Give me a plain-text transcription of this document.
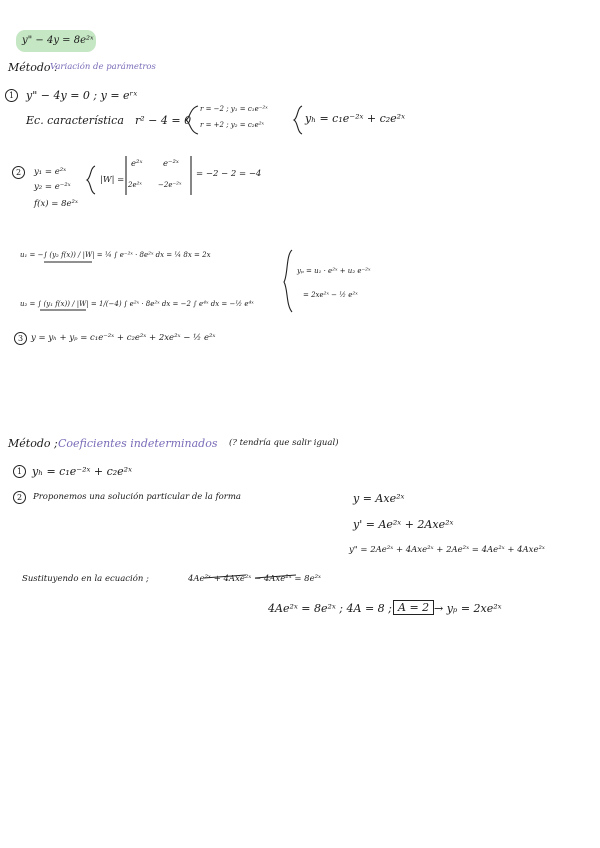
y" − 4y = 8e²ˣ
Método :
Variación de parámetros
1	y" − 4y = 0 ; y = eʳˣ
Ec. característica r² − 4 = 0
r = −2 ; y₁ = c₁e⁻²ˣ
r = +2 ; y₂ = c₂e²ˣ	yₕ = c₁e⁻²ˣ + c₂e²ˣ
2	y₁ = e²ˣ
y₂ = e⁻²ˣ
f(x) = 8e²ˣ
|W| =
e²ˣ e⁻²ˣ
2e²ˣ −2e⁻²ˣ
= −2 − 2 = −4
u₁ = −∫ (y₂ f(x)) / |W| = ¼ ∫ e⁻²ˣ · 8e²ˣ dx = ¼ 8x = 2x
u₂ = ∫ (y₁ f(x)) / |W| = 1/(−4) ∫ e²ˣ · 8e²ˣ dx = −2 ∫ e⁴ˣ dx = −½ e⁴ˣ
yₚ = u₁ · e²ˣ + u₂ e⁻²ˣ
= 2xe²ˣ − ½ e²ˣ
3 y = yₕ + yₚ = c₁e⁻²ˣ + c₂e²ˣ + 2xe²ˣ − ½ e²ˣ
Método ; Coeficientes indeterminados (? tendría que salir igual)
1 yₕ = c₁e⁻²ˣ + c₂e²ˣ
2	Proponemos una solución particular de la forma	y = Axe²ˣ
y' = Ae²ˣ + 2Axe²ˣ
y" = 2Ae²ˣ + 4Axe²ˣ + 2Ae²ˣ = 4Ae²ˣ + 4Axe²ˣ
Sustituyendo en la ecuación ;	4Ae²ˣ + 4Axe²ˣ − 4Axe²ˣ = 8e²ˣ
4Ae²ˣ = 8e²ˣ ; 4A = 8 ; A = 2 → yₚ = 2xe²ˣ
